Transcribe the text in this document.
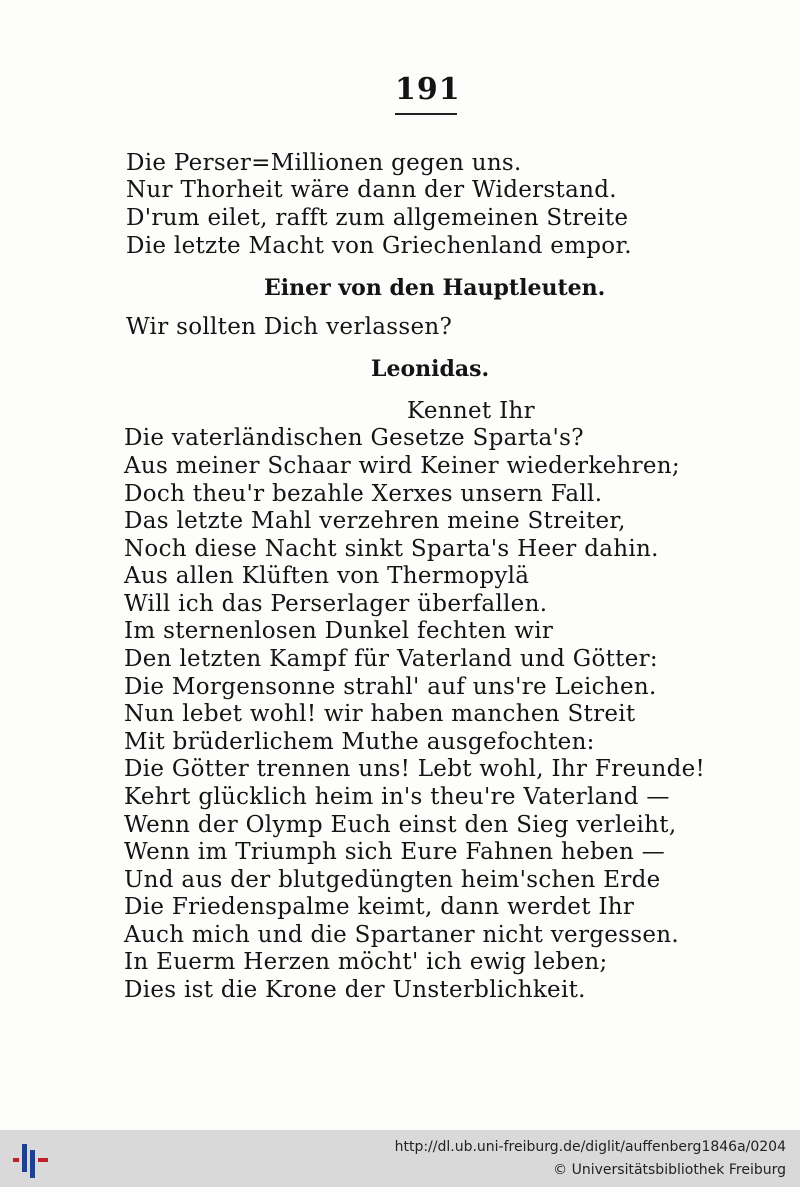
191
Die Perser=Millionen gegen uns.
Nur Thorheit wäre dann der Widerstand.
D'rum eilet, rafft zum allgemeinen Streite
Die letzte Macht von Griechenland empor.
Einer von den Hauptleuten.
Wir sollten Dich verlassen?
Leonidas.
Kennet Ihr
Die vaterländischen Gesetze Sparta's?
Aus meiner Schaar wird Keiner wiederkehren;
Doch theu'r bezahle Xerxes unsern Fall.
Das letzte Mahl verzehren meine Streiter,
Noch diese Nacht sinkt Sparta's Heer dahin.
Aus allen Klüften von Thermopylä
Will ich das Perserlager überfallen.
Im sternenlosen Dunkel fechten wir
Den letzten Kampf für Vaterland und Götter:
Die Morgensonne strahl' auf uns're Leichen.
Nun lebet wohl! wir haben manchen Streit
Mit brüderlichem Muthe ausgefochten:
Die Götter trennen uns! Lebt wohl, Ihr Freunde!
Kehrt glücklich heim in's theu're Vaterland —
Wenn der Olymp Euch einst den Sieg verleiht,
Wenn im Triumph sich Eure Fahnen heben —
Und aus der blutgedüngten heim'schen Erde
Die Friedenspalme keimt, dann werdet Ihr
Auch mich und die Spartaner nicht vergessen.
In Euerm Herzen möcht' ich ewig leben;
Dies ist die Krone der Unsterblichkeit.
http://dl.ub.uni-freiburg.de/diglit/auffenberg1846a/0204
© Universitätsbibliothek Freiburg
